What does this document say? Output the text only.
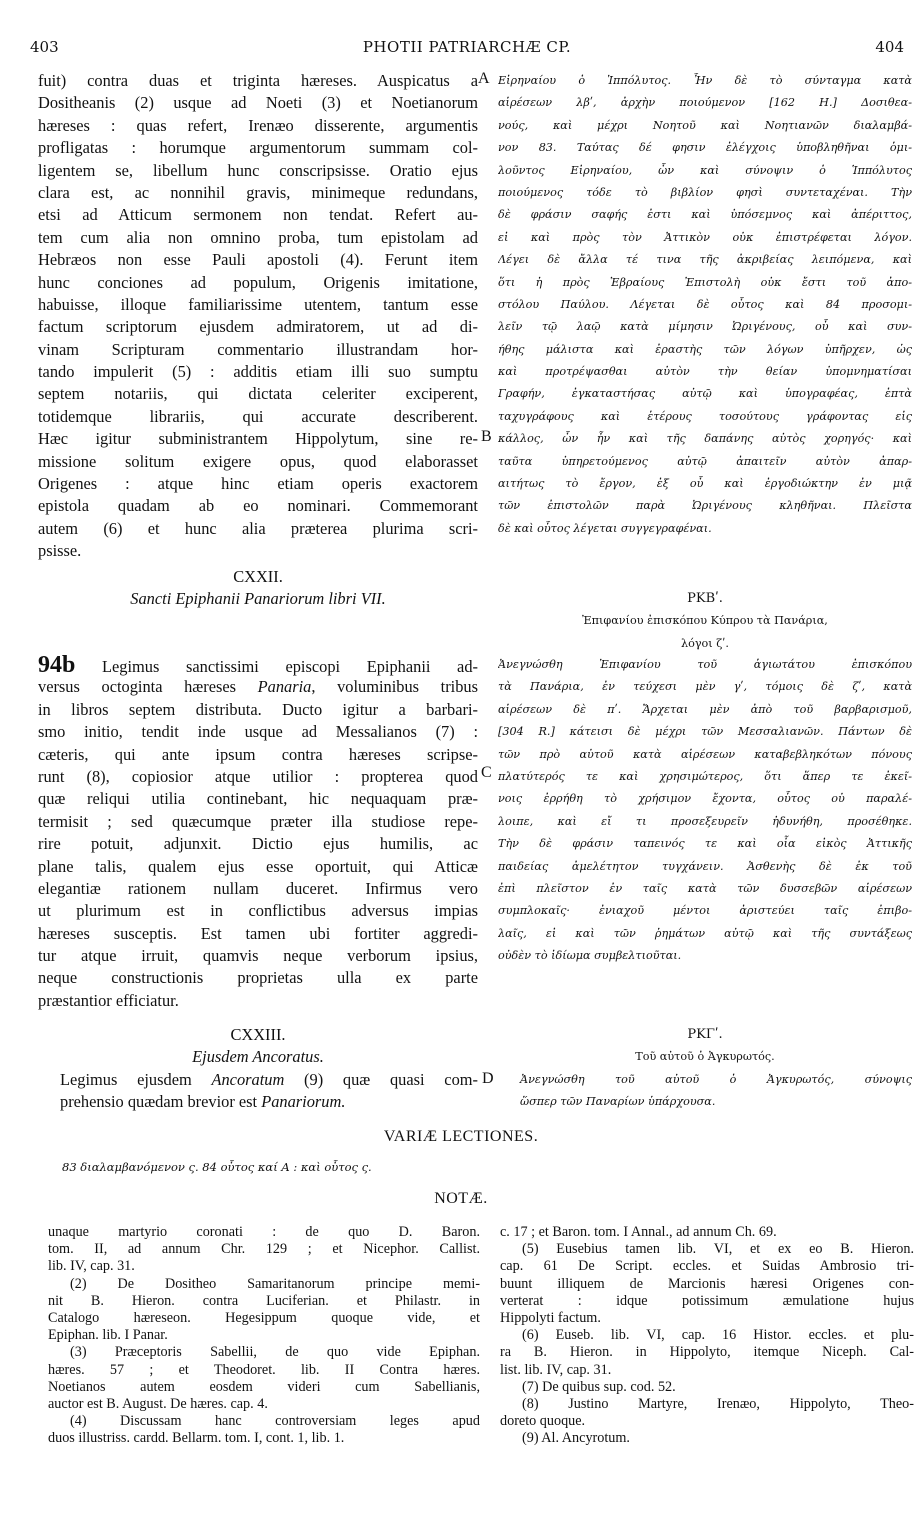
403	PHOTII PATRIARCHÆ CP.	404
A
B
C
D
fuit) contra duas et triginta hæreses. Auspicatus a
Dositheanis (2) usque ad Noeti (3) et Noetianorum
hæreses : quas refert, Irenæo disserente, argumentis
profligatas : horumque argumentorum summam col-
ligentem se, libellum hunc conscripsisse. Oratio ejus
clara est, ac nonnihil gravis, minimeque redundans,
etsi ad Atticum sermonem non tendat. Refert au-
tem cum alia non omnino proba, tum epistolam ad
Hebræos non esse Pauli apostoli (4). Ferunt item
hunc conciones ad populum, Origenis imitatione,
habuisse, illoque familiarissime utentem, tantum esse
factum scriptorum ejusdem admiratorem, ut ad di-
vinam Scripturam commentario illustrandam hor-
tando impulerit (5) : additis etiam illi suo sumptu
septem notariis, qui dictata celeriter exciperent,
totidemque librariis, qui accurate describerent.
Hæc igitur subministrantem Hippolytum, sine re-
missione solitum exigere opus, quod elaborasset
Origenes : atque hinc etiam operis exactorem
epistola quadam ab eo nominari. Commemorant
autem (6) et hunc alia præterea plurima scri-
psisse.
CXXII.
Sancti Epiphanii Panariorum libri VII.
94b Legimus sanctissimi episcopi Epiphanii ad-
versus octoginta hæreses Panaria, voluminibus tribus
in libros septem distributa. Ducto igitur a barbari-
smo initio, tendit inde usque ad Messalianos (7) :
cæteris, qui ante ipsum contra hæreses scripse-
runt (8), copiosior atque utilior : propterea quod
quæ reliqui utilia continebant, hic nequaquam præ-
termisit ; sed quæcumque præter illa studiose repe-
rire potuit, adjunxit. Dictio ejus humilis, ac
plane talis, qualem ejus esse oportuit, qui Atticæ
elegantiæ rationem nullam duceret. Infirmus vero
ut plurimum est in conflictibus adversus impias
hæreses susceptis. Est tamen ubi fortiter aggredi-
tur atque irruit, quamvis neque verborum ipsius,
neque constructionis proprietas ulla ex parte
præstantior efficiatur.
CXXIII.
Ejusdem Ancoratus.
Legimus ejusdem Ancoratum (9) quæ quasi com-
prehensio quædam brevior est Panariorum.
Εἰρηναίου ὁ Ἱππόλυτος. Ἦν δὲ τὸ σύνταγμα κατὰ
αἱρέσεων λβʹ, ἀρχὴν ποιούμενον [162 H.] Δοσιθεα-
νούς, καὶ μέχρι Νοητοῦ καὶ Νοητιανῶν διαλαμβά-
νον 83. Ταύτας δέ φησιν ἐλέγχοις ὑποβληθῆναι ὁμι-
λοῦντος Εἰρηναίου, ὧν καὶ σύνοψιν ὁ Ἱππόλυτος
ποιούμενος τόδε τὸ βιβλίον φησὶ συντεταχέναι. Τὴν
δὲ φράσιν σαφής ἐστι καὶ ὑπόσεμνος καὶ ἀπέριττος,
εἰ καὶ πρὸς τὸν Ἀττικὸν οὐκ ἐπιστρέφεται λόγον.
Λέγει δὲ ἄλλα τέ τινα τῆς ἀκριβείας λειπόμενα, καὶ
ὅτι ἡ πρὸς Ἑβραίους Ἐπιστολὴ οὐκ ἔστι τοῦ ἀπο-
στόλου Παύλου. Λέγεται δὲ οὗτος καὶ 84 προσομι-
λεῖν τῷ λαῷ κατὰ μίμησιν Ὠριγένους, οὗ καὶ συν-
ήθης μάλιστα καὶ ἐραστὴς τῶν λόγων ὑπῆρχεν, ὡς
καὶ προτρέψασθαι αὐτὸν τὴν θείαν ὑπομνηματίσαι
Γραφήν, ἐγκαταστήσας αὐτῷ καὶ ὑπογραφέας, ἑπτὰ
ταχυγράφους καὶ ἑτέρους τοσούτους γράφοντας εἰς
κάλλος, ὧν ἦν καὶ τῆς δαπάνης αὐτὸς χορηγός· καὶ
ταῦτα ὑπηρετούμενος αὐτῷ ἀπαιτεῖν αὐτὸν ἀπαρ-
αιτήτως τὸ ἔργον, ἐξ οὗ καὶ ἐργοδιώκτην ἐν μιᾷ
τῶν ἐπιστολῶν παρὰ Ὠριγένους κληθῆναι. Πλεῖστα
δὲ καὶ οὗτος λέγεται συγγεγραφέναι.
ΡΚΒʹ.
Ἐπιφανίου ἐπισκόπου Κύπρου τὰ Πανάρια,
λόγοι ζʹ.
Ἀνεγνώσθη Ἐπιφανίου τοῦ ἁγιωτάτου ἐπισκόπου
τὰ Πανάρια, ἐν τεύχεσι μὲν γʹ, τόμοις δὲ ζʹ, κατὰ
αἱρέσεων δὲ πʹ. Ἄρχεται μὲν ἀπὸ τοῦ βαρβαρισμοῦ,
[304 R.] κάτεισι δὲ μέχρι τῶν Μεσσαλιανῶν. Πάντων δὲ
τῶν πρὸ αὐτοῦ κατὰ αἱρέσεων καταβεβληκότων πόνους
πλατύτερός τε καὶ χρησιμώτερος, ὅτι ἅπερ τε ἐκεῖ-
νοις ἐρρήθη τὸ χρήσιμον ἔχοντα, οὗτος οὐ παραλέ-
λοιπε, καὶ εἴ τι προσεξευρεῖν ἠδυνήθη, προσέθηκε.
Τὴν δὲ φράσιν ταπεινός τε καὶ οἷα εἰκὸς Ἀττικῆς
παιδείας ἀμελέτητον τυγχάνειν. Ἀσθενὴς δὲ ἐκ τοῦ
ἐπὶ πλεῖστον ἐν ταῖς κατὰ τῶν δυσσεβῶν αἱρέσεων
συμπλοκαῖς· ἐνιαχοῦ μέντοι ἀριστεύει ταῖς ἐπιβο-
λαῖς, εἰ καὶ τῶν ῥημάτων αὐτῷ καὶ τῆς συντάξεως
οὐδὲν τὸ ἰδίωμα συμβελτιοῦται.
ΡΚΓʹ.
Τοῦ αὐτοῦ ὁ Ἀγκυρωτός.
Ἀνεγνώσθη τοῦ αὐτοῦ ὁ Ἀγκυρωτός, σύνοψις
ὥσπερ τῶν Παναρίων ὑπάρχουσα.
VARIÆ LECTIONES.
83 διαλαμβανόμενον ς. 84 οὗτος καί A : καὶ οὗτος ς.
NOTÆ.
unaque martyrio coronati : de quo D. Baron.
tom. II, ad annum Chr. 129 ; et Nicephor. Callist.
lib. IV, cap. 31.
(2) De Dositheo Samaritanorum principe memi-
nit B. Hieron. contra Luciferian. et Philastr. in
Catalogo hæreseon. Hegesippum quoque vide, et
Epiphan. lib. I Panar.
(3) Præceptoris Sabellii, de quo vide Epiphan.
hæres. 57 ; et Theodoret. lib. II Contra hæres.
Noetianos autem eosdem videri cum Sabellianis,
auctor est B. August. De hæres. cap. 4.
(4) Discussam hanc controversiam leges apud
duos illustriss. cardd. Bellarm. tom. I, cont. 1, lib. 1.
c. 17 ; et Baron. tom. I Annal., ad annum Ch. 69.
(5) Eusebius tamen lib. VI, et ex eo B. Hieron.
cap. 61 De Script. eccles. et Suidas Ambrosio tri-
buunt illiquem de Marcionis hæresi Origenes con-
verterat : idque potissimum æmulatione hujus
Hippolyti factum.
(6) Euseb. lib. VI, cap. 16 Histor. eccles. et plu-
ra B. Hieron. in Hippolyto, itemque Niceph. Cal-
list. lib. IV, cap. 31.
(7) De quibus sup. cod. 52.
(8) Justino Martyre, Irenæo, Hippolyto, Theo-
doreto quoque.
(9) Al. Ancyrotum.
